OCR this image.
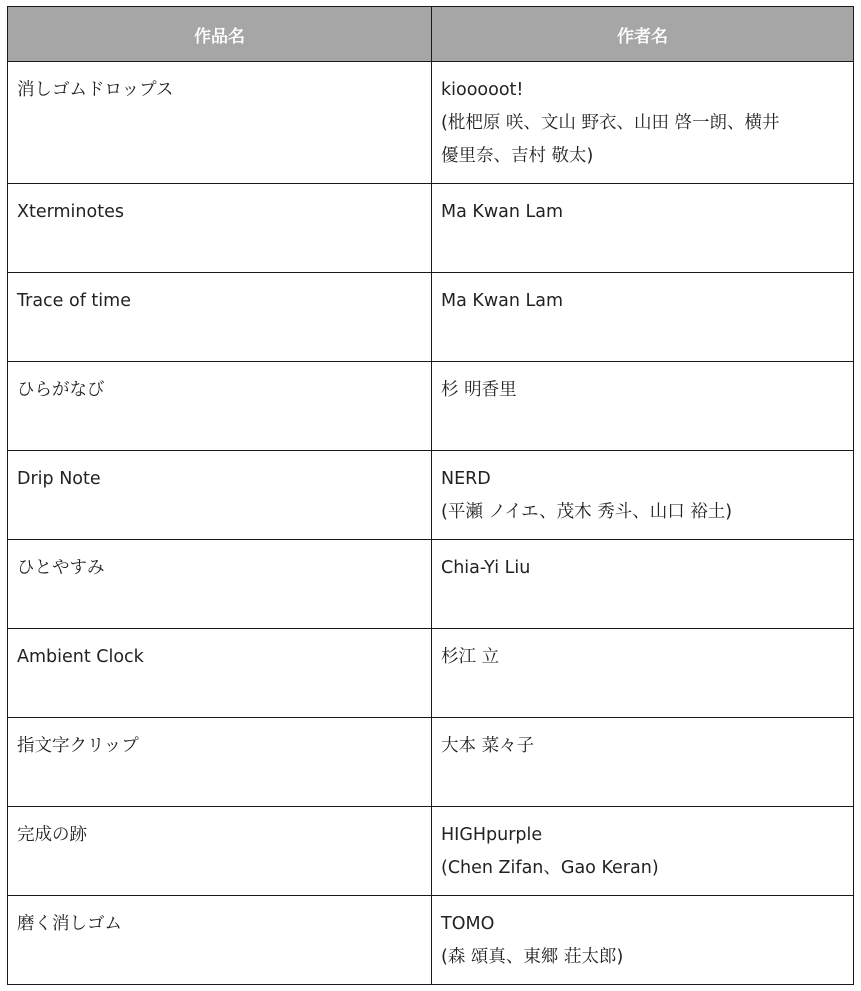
作品名	作者名
消しゴムドロップス	kiooooot!
(枇杷原 咲、文山 野衣、山田 啓一朗、横井
優里奈、吉村 敬太)

Xterminotes	Ma Kwan Lam

Trace of time	Ma Kwan Lam

ひらがなび	杉 明香里

Drip Note	NERD
(平瀬 ノイエ、茂木 秀斗、山口 裕土)

ひとやすみ	Chia-Yi Liu

Ambient Clock	杉江 立

指文字クリップ	大本 菜々子

完成の跡	HIGHpurple
(Chen Zifan、Gao Keran)

磨く消しゴム	TOMO
(森 頌真、東郷 荘太郎)
